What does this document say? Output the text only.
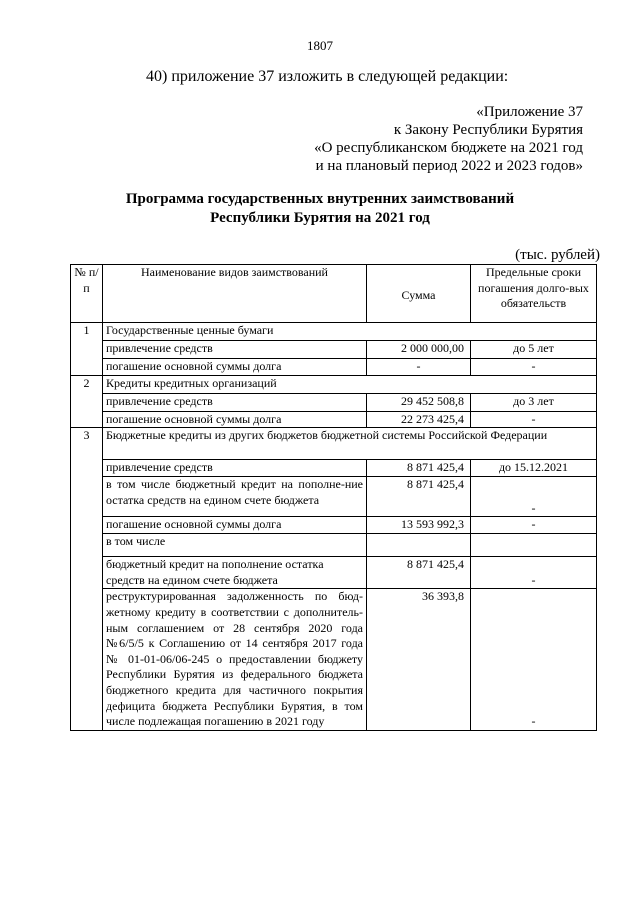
1807
40) приложение 37 изложить в следующей редакции:
«Приложение 37
к Закону Республики Бурятия
«О республиканском бюджете на 2021 год
и на плановый период 2022 и 2023 годов»
Программа государственных внутренних заимствований
Республики Бурятия на 2021 год
(тыс. рублей)
№ п/п	Наименование видов заимствований	Сумма	Предельные сроки погашения долго-вых обязательств
1	Государственные ценные бумаги		
	привлечение средств	2 000 000,00	до 5 лет
	погашение основной суммы долга	-	-
2	Кредиты кредитных организаций		
	привлечение средств	29 452 508,8	до 3 лет
	погашение основной суммы долга	22 273 425,4	-
3	Бюджетные кредиты из других бюджетов бюджетной системы Российской Федерации		
	привлечение средств	8 871 425,4	до 15.12.2021
	в том числе бюджетный кредит на пополне-ние остатка средств на едином счете бюджета	8 871 425,4	-
	погашение основной суммы долга	13 593 992,3	-
	в том числе		
	бюджетный кредит на пополнение остатка средств на едином счете бюджета	8 871 425,4	-
	реструктурированная задолженность по бюд-жетному кредиту в соответствии с дополнитель-ным соглашением от 28 сентября 2020 года №6/5/5 к Соглашению от 14 сентября 2017 года № 01-01-06/06-245 о предоставлении бюджету Республики Бурятия из федерального бюджета бюджетного кредита для частичного покрытия дефицита бюджета Республики Бурятия, в том числе подлежащая погашению в 2021 году	36 393,8	-
